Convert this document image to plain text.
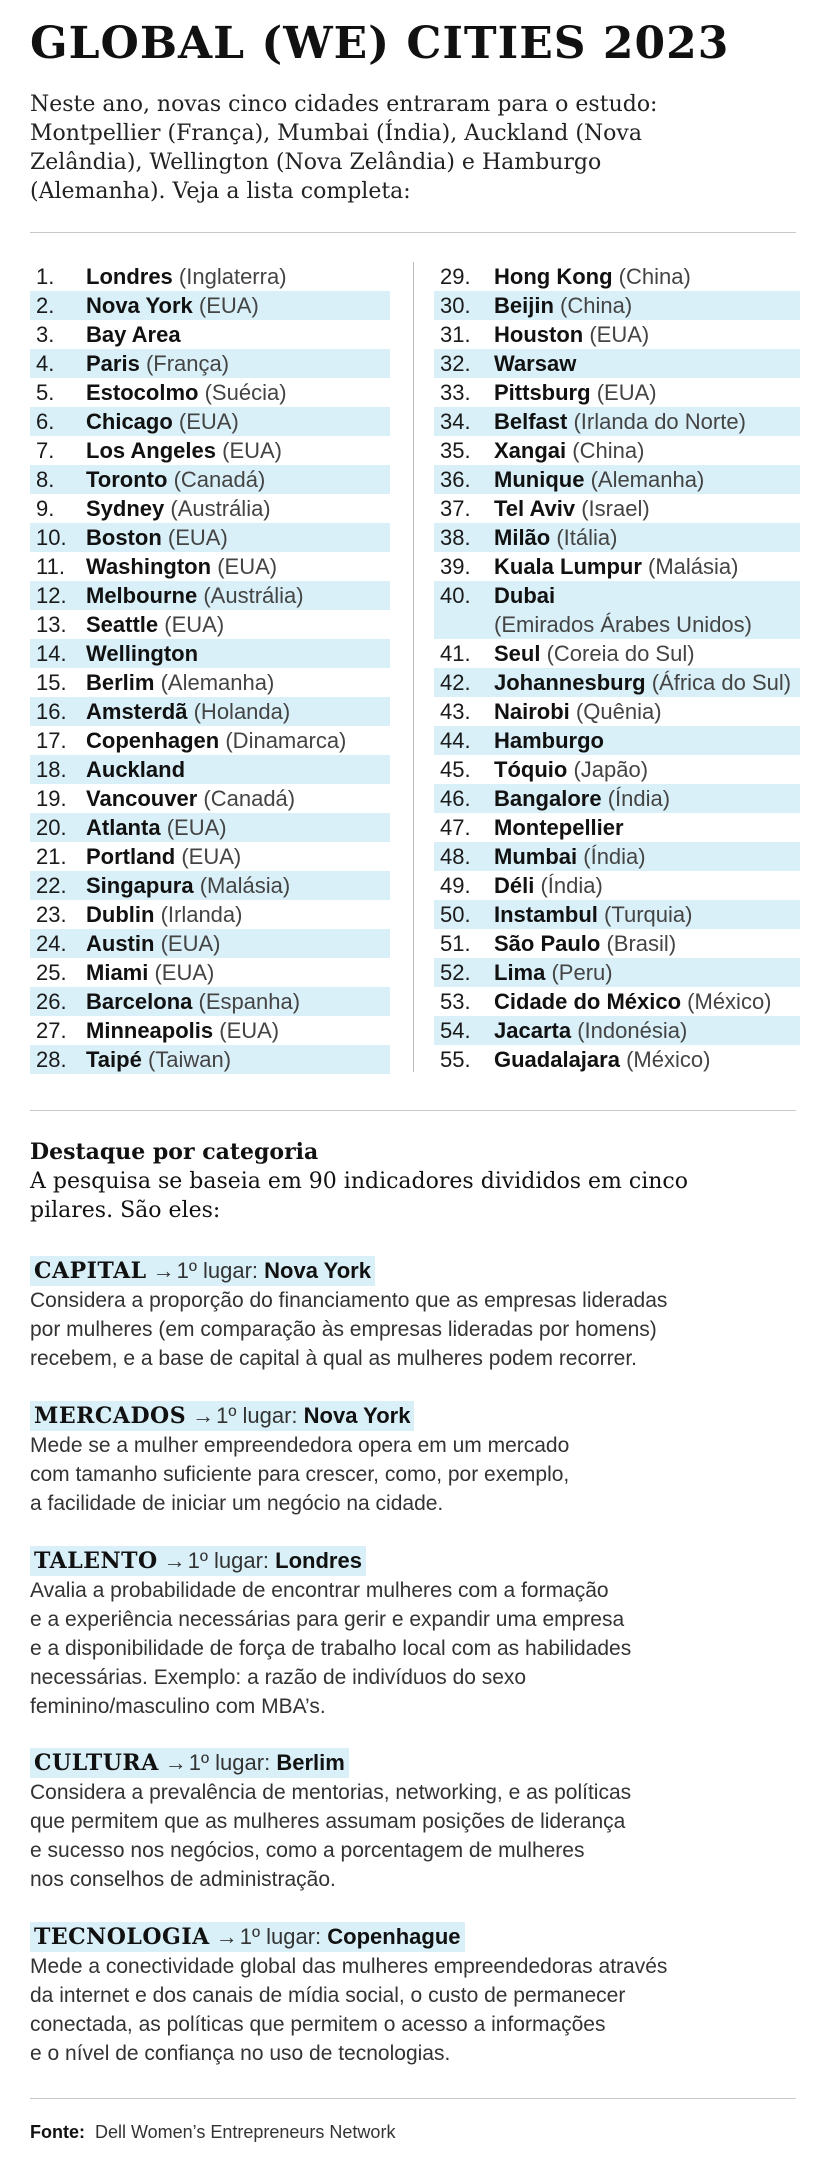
GLOBAL (WE) CITIES 2023

Neste ano, novas cinco cidades entraram para o estudo: Montpellier (França), Mumbai (Índia), Auckland (Nova Zelândia), Wellington (Nova Zelândia) e Hamburgo (Alemanha). Veja a lista completa:

1.	Londres (Inglaterra)
2.	Nova York (EUA)
3.	Bay Area
4.	Paris (França)
5.	Estocolmo (Suécia)
6.	Chicago (EUA)
7.	Los Angeles (EUA)
8.	Toronto (Canadá)
9.	Sydney (Austrália)
10. Boston (EUA)
11. Washington (EUA)
12. Melbourne (Austrália)
13. Seattle (EUA)
14. Wellington
15. Berlim (Alemanha)
16. Amsterdã (Holanda)
17. Copenhagen (Dinamarca)
18. Auckland
19. Vancouver (Canadá)
20. Atlanta (EUA)
21. Portland (EUA)
22. Singapura (Malásia)
23. Dublin (Irlanda)
24. Austin (EUA)
25. Miami (EUA)
26. Barcelona (Espanha)
27. Minneapolis (EUA)
28. Taipé (Taiwan)
29.	Hong Kong (China)
30.	Beijin (China)
31.	Houston (EUA)
32.	Warsaw
33.	Pittsburg (EUA)
34.	Belfast (Irlanda do Norte)
35.	Xangai (China)
36.	Munique (Alemanha)
37.	Tel Aviv (Israel)
38.	Milão (Itália)
39.	Kuala Lumpur (Malásia)
40.	Dubai
(Emirados Árabes Unidos)
41.	Seul (Coreia do Sul)
42.	Johannesburg (África do Sul)
43.	Nairobi (Quênia)
44.	Hamburgo
45.	Tóquio (Japão)
46.	Bangalore (Índia)
47.	Montepellier
48.	Mumbai (Índia)
49.	Déli (Índia)
50.	Instambul (Turquia)
51.	São Paulo (Brasil)
52.	Lima (Peru)
53.	Cidade do México (México)
54.	Jacarta (Indonésia)
55.	Guadalajara (México)
Destaque por categoria
A pesquisa se baseia em 90 indicadores divididos em cinco pilares. São eles:
CAPITAL →1º lugar: Nova York

Considera a proporção do financiamento que as empresas lideradas
por mulheres (em comparação às empresas lideradas por homens)
recebem, e a base de capital à qual as mulheres podem recorrer.

MERCADOS →1º lugar: Nova York

Mede se a mulher empreendedora opera em um mercado
com tamanho suficiente para crescer, como, por exemplo,
a facilidade de iniciar um negócio na cidade.

TALENTO →1º lugar: Londres

Avalia a probabilidade de encontrar mulheres com a formação
e a experiência necessárias para gerir e expandir uma empresa
e a disponibilidade de força de trabalho local com as habilidades
necessárias. Exemplo: a razão de indivíduos do sexo
feminino/masculino com MBA’s.

CULTURA →1º lugar: Berlim

Considera a prevalência de mentorias, networking, e as políticas
que permitem que as mulheres assumam posições de liderança
e sucesso nos negócios, como a porcentagem de mulheres
nos conselhos de administração.

TECNOLOGIA →1º lugar: Copenhague

Mede a conectividade global das mulheres empreendedoras através
da internet e dos canais de mídia social, o custo de permanecer
conectada, as políticas que permitem o acesso a informações
e o nível de confiança no uso de tecnologias.

Fonte: Dell Women’s Entrepreneurs Network
